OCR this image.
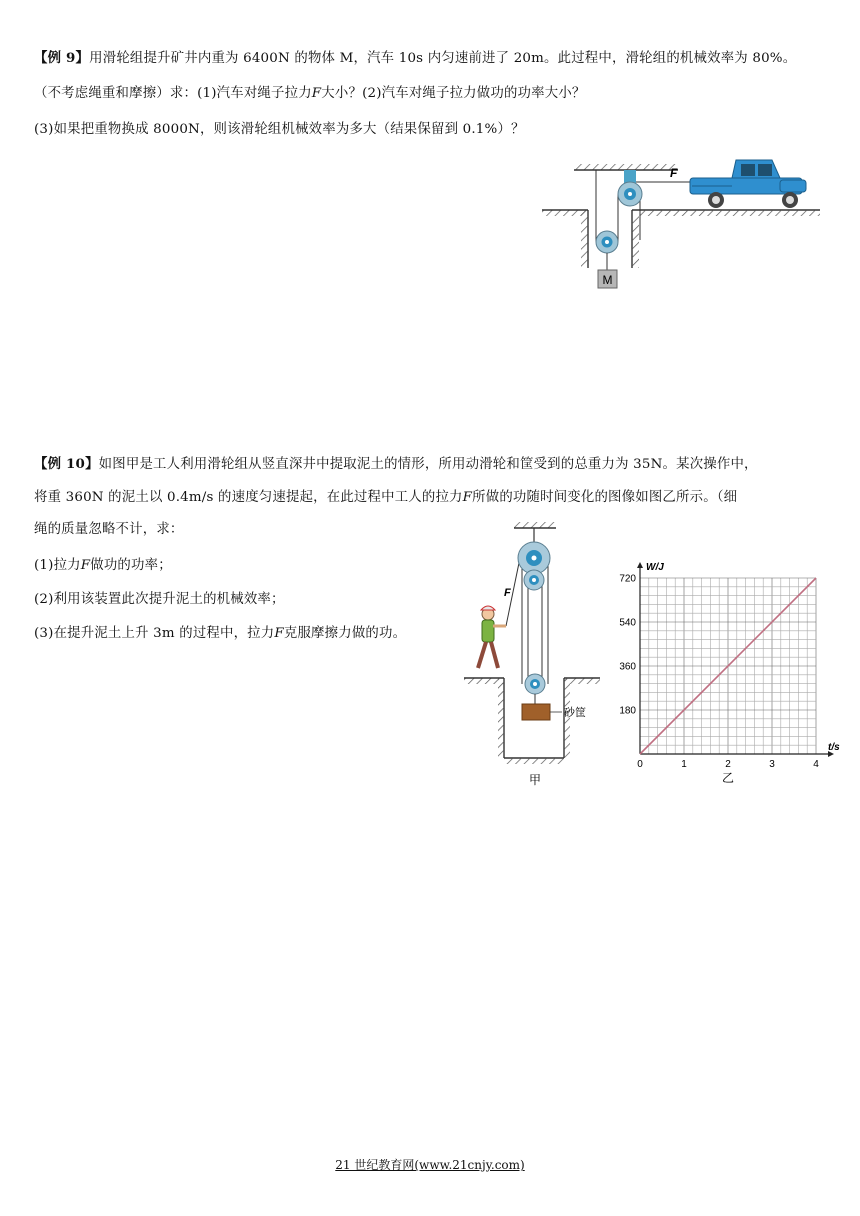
【例 9】用滑轮组提升矿井内重为 6400N 的物体 M，汽车 10s 内匀速前进了 20m。此过程中，滑轮组的机械效率为 80%。
（不考虑绳重和摩擦）求：(1)汽车对绳子拉力F大小？(2)汽车对绳子拉力做功的功率大小？
(3)如果把重物换成 8000N，则该滑轮组机械效率为多大（结果保留到 0.1%）？
F
M
【例 10】如图甲是工人利用滑轮组从竖直深井中提取泥土的情形，所用动滑轮和筐受到的总重力为 35N。某次操作中，
将重 360N 的泥土以 0.4m/s 的速度匀速提起，在此过程中工人的拉力F所做的功随时间变化的图像如图乙所示。（细
绳的质量忽略不计，求：
(1)拉力F做功的功率；
(2)利用该装置此次提升泥土的机械效率；
(3)在提升泥土上升 3m 的过程中，拉力F克服摩擦力做的功。
F
砂筐
甲
0	1	2	3	4
180
360
540
720
W/J
t/s
乙
21 世纪教育网(www.21cnjy.com)
